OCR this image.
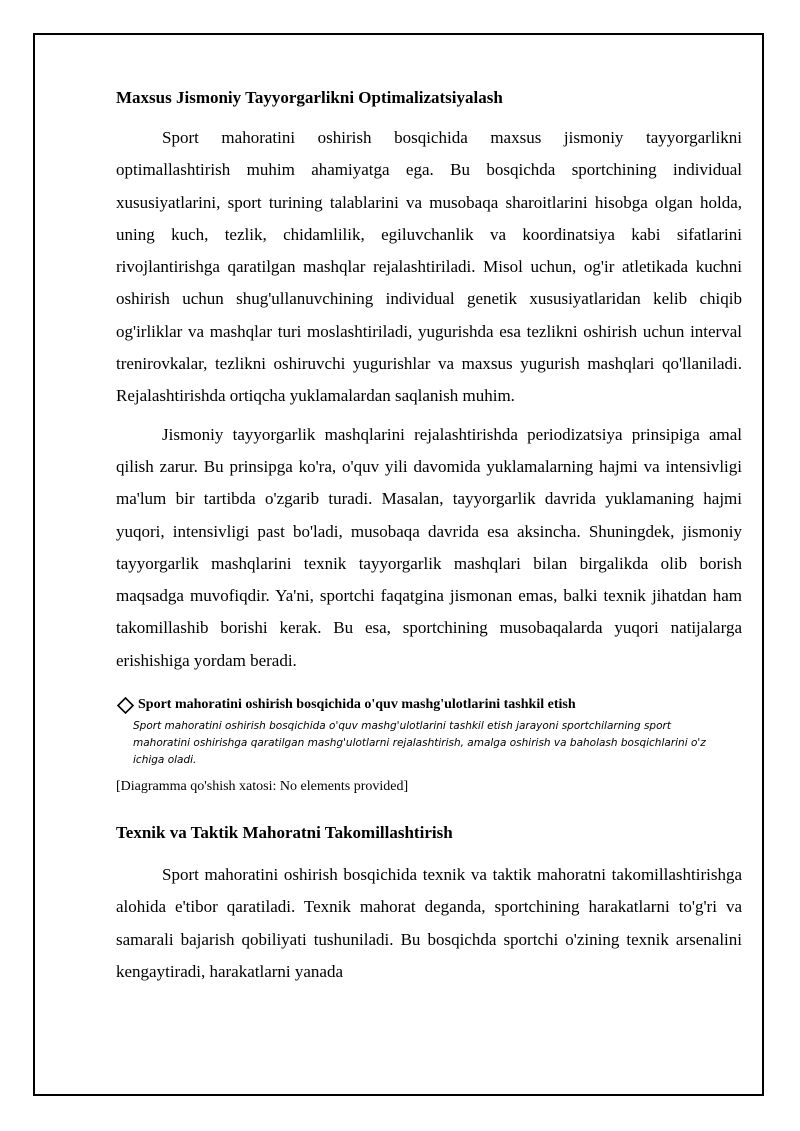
Maxsus Jismoniy Tayyorgarlikni Optimalizatsiyalash

Sport mahoratini oshirish bosqichida maxsus jismoniy tayyorgarlikni optimallashtirish muhim ahamiyatga ega. Bu bosqichda sportchining individual xususiyatlarini, sport turining talablarini va musobaqa sharoitlarini hisobga olgan holda, uning kuch, tezlik, chidamlilik, egiluvchanlik va koordinatsiya kabi sifatlarini rivojlantirishga qaratilgan mashqlar rejalashtiriladi. Misol uchun, og'ir atletikada kuchni oshirish uchun shug'ullanuvchining individual genetik xususiyatlaridan kelib chiqib og'irliklar va mashqlar turi moslashtiriladi, yugurishda esa tezlikni oshirish uchun interval trenirovkalar, tezlikni oshiruvchi yugurishlar va maxsus yugurish mashqlari qo'llaniladi. Rejalashtirishda ortiqcha yuklamalardan saqlanish muhim.

Jismoniy tayyorgarlik mashqlarini rejalashtirishda periodizatsiya prinsipiga amal qilish zarur. Bu prinsipga ko'ra, o'quv yili davomida yuklamalarning hajmi va intensivligi ma'lum bir tartibda o'zgarib turadi. Masalan, tayyorgarlik davrida yuklamaning hajmi yuqori, intensivligi past bo'ladi, musobaqa davrida esa aksincha. Shuningdek, jismoniy tayyorgarlik mashqlarini texnik tayyorgarlik mashqlari bilan birgalikda olib borish maqsadga muvofiqdir. Ya'ni, sportchi faqatgina jismonan emas, balki texnik jihatdan ham takomillashib borishi kerak. Bu esa, sportchining musobaqalarda yuqori natijalarga erishishiga yordam beradi.

Sport mahoratini oshirish bosqichida o'quv mashg'ulotlarini tashkil etish
Sport mahoratini oshirish bosqichida o'quv mashg'ulotlarini tashkil etish jarayoni sportchilarning sport mahoratini oshirishga qaratilgan mashg'ulotlarni rejalashtirish, amalga oshirish va baholash bosqichlarini o'z ichiga oladi.
[Diagramma qo'shish xatosi: No elements provided]
Texnik va Taktik Mahoratni Takomillashtirish

Sport mahoratini oshirish bosqichida texnik va taktik mahoratni takomillashtirishga alohida e'tibor qaratiladi. Texnik mahorat deganda, sportchining harakatlarni to'g'ri va samarali bajarish qobiliyati tushuniladi. Bu bosqichda sportchi o'zining texnik arsenalini kengaytiradi, harakatlarni yanada
